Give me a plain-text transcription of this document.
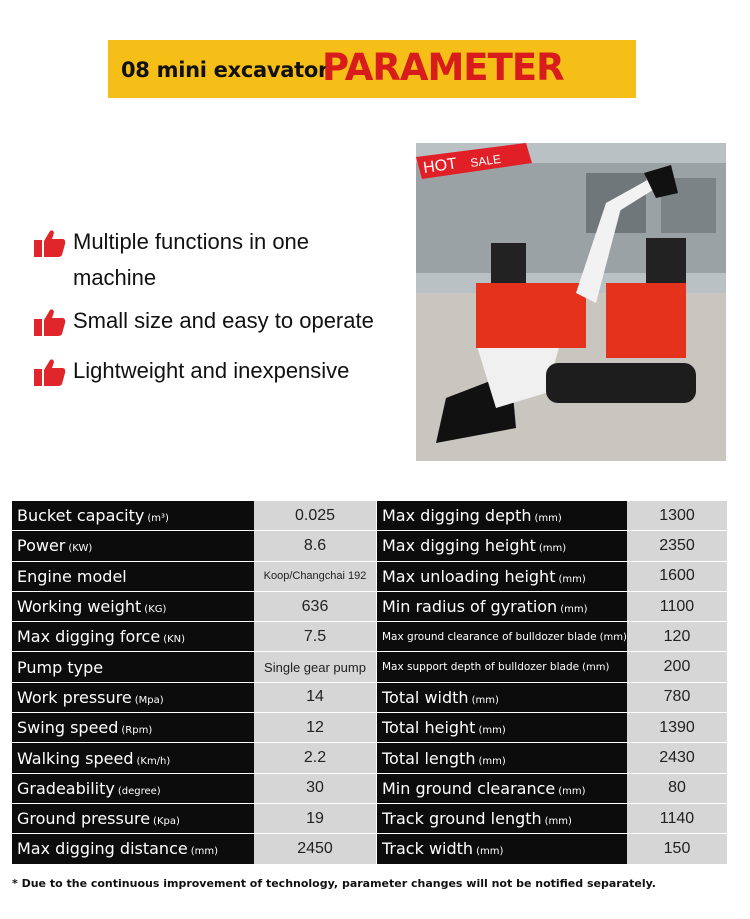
08 mini excavator
PARAMETER
Multiple functions in one
machine
Small size and easy to operate
Lightweight and inexpensive
HOT SALE
Bucket capacity (m³)	0.025		Max digging depth (mm)	1300
Power (KW)	8.6		Max digging height (mm)	2350
Engine model	Koop/Changchai 192		Max unloading height (mm)	1600
Working weight (KG)	636		Min radius of gyration (mm)	1100
Max digging force (KN)	7.5		Max ground clearance of bulldozer blade (mm)	120
Pump type	Single gear pump		Max support depth of bulldozer blade (mm)	200
Work pressure (Mpa)	14		Total width (mm)	780
Swing speed (Rpm)	12		Total height (mm)	1390
Walking speed (Km/h)	2.2		Total length (mm)	2430
Gradeability (degree)	30		Min ground clearance (mm)	80
Ground pressure (Kpa)	19		Track ground length (mm)	1140
Max digging distance (mm)	2450		Track width (mm)	150
* Due to the continuous improvement of technology, parameter changes will not be notified separately.
